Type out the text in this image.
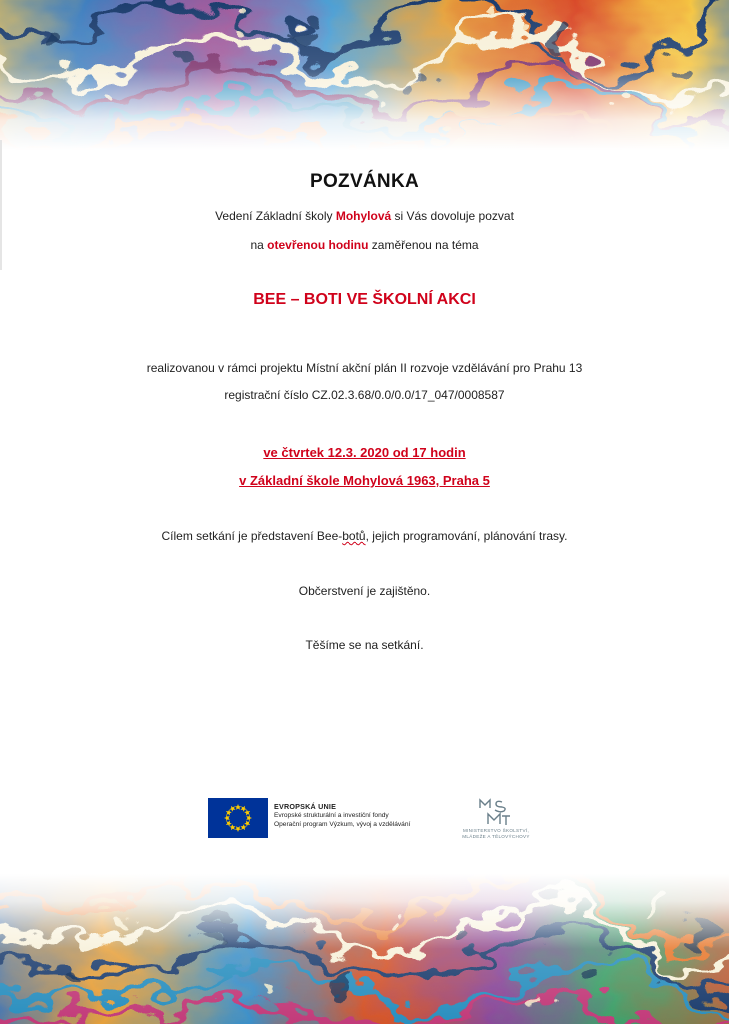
POZVÁNKA
Vedení Základní školy Mohylová si Vás dovoluje pozvat
na otevřenou hodinu zaměřenou na téma
BEE – BOTI VE ŠKOLNÍ AKCI
realizovanou v rámci projektu Místní akční plán II rozvoje vzdělávání pro Prahu 13
registrační číslo CZ.02.3.68/0.0/0.0/17_047/0008587
ve čtvrtek 12.3. 2020 od 17 hodin
v Základní škole Mohylová 1963, Praha 5
Cílem setkání je představení Bee-botů, jejich programování, plánování trasy.
Občerstvení je zajištěno.
Těšíme se na setkání.
EVROPSKÁ UNIE
Evropské strukturální a investiční fondy
Operační program Výzkum, vývoj a vzdělávání
MINISTERSTVO ŠKOLSTVÍ,
MLÁDEŽE A TĚLOVÝCHOVY
